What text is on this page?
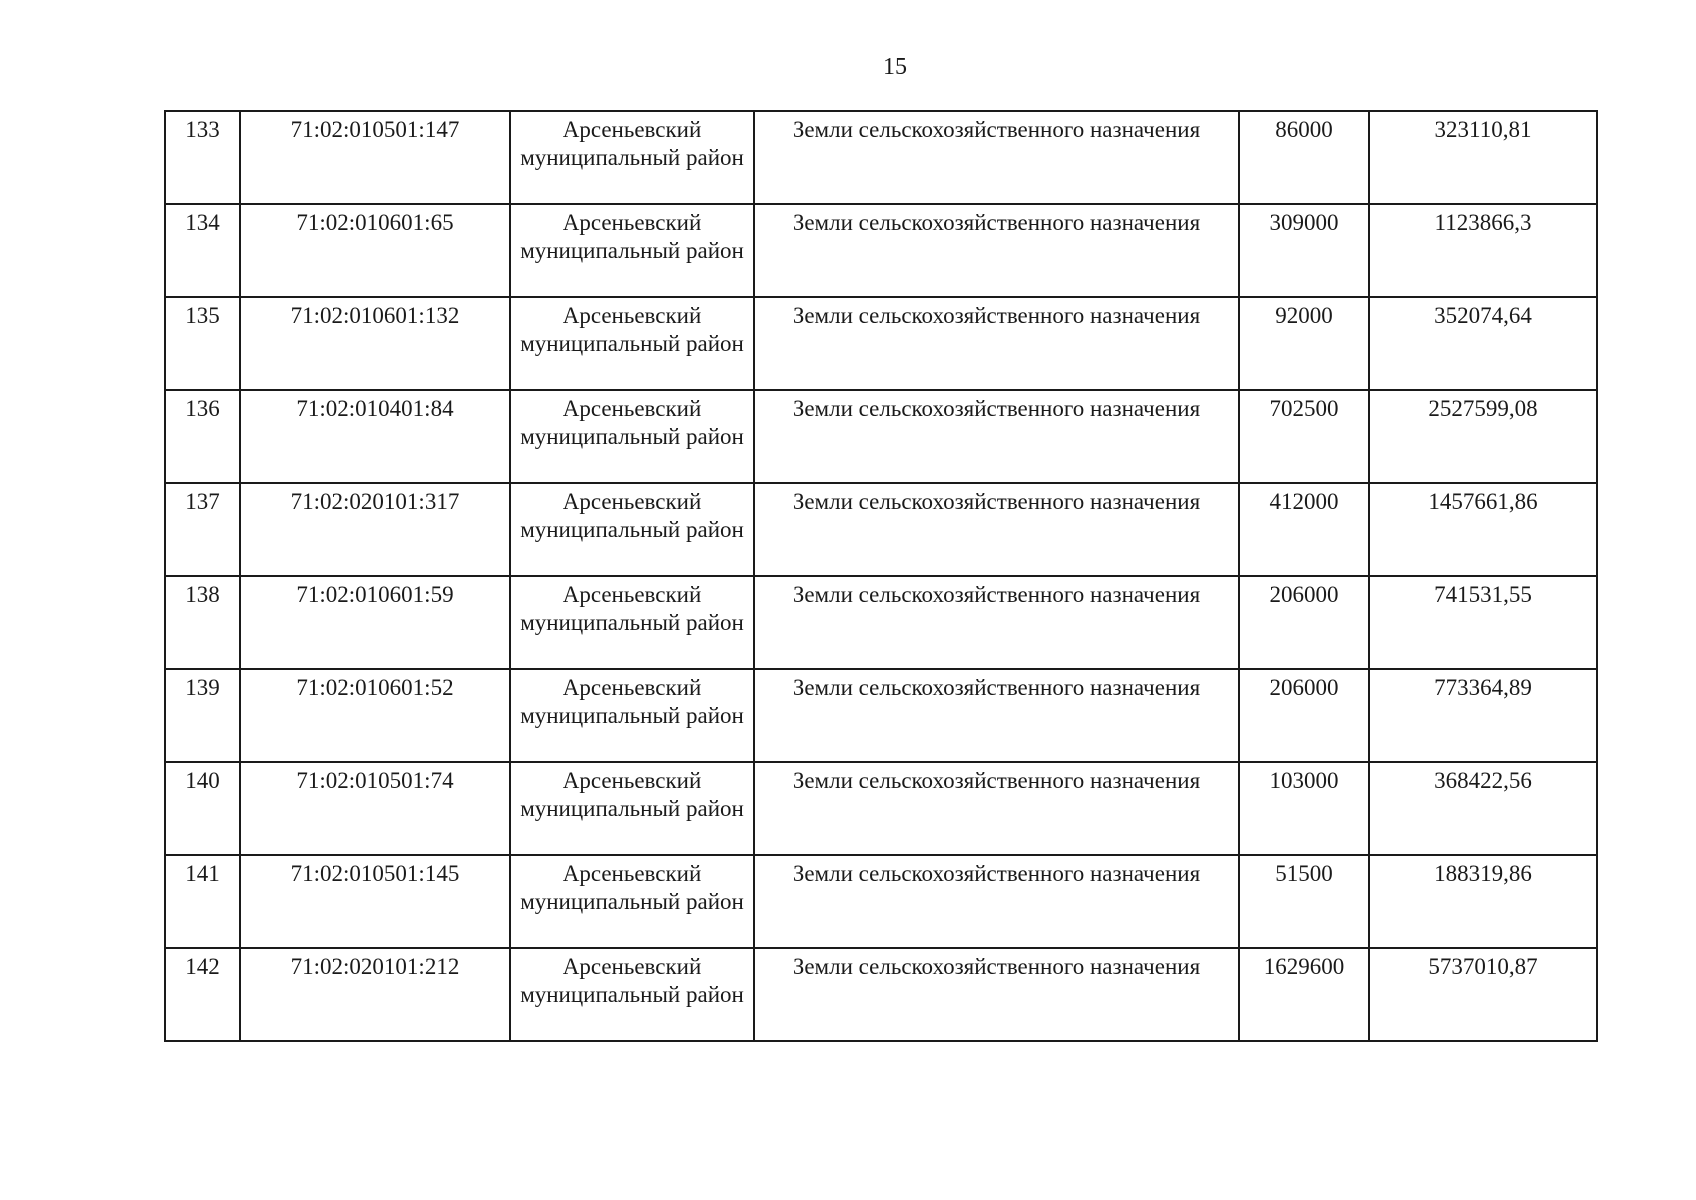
15
133	71:02:010501:147	Арсеньевский муниципальный район	Земли сельскохозяйственного назначения	86000	323110,81
134	71:02:010601:65	Арсеньевский муниципальный район	Земли сельскохозяйственного назначения	309000	1123866,3
135	71:02:010601:132	Арсеньевский муниципальный район	Земли сельскохозяйственного назначения	92000	352074,64
136	71:02:010401:84	Арсеньевский муниципальный район	Земли сельскохозяйственного назначения	702500	2527599,08
137	71:02:020101:317	Арсеньевский муниципальный район	Земли сельскохозяйственного назначения	412000	1457661,86
138	71:02:010601:59	Арсеньевский муниципальный район	Земли сельскохозяйственного назначения	206000	741531,55
139	71:02:010601:52	Арсеньевский муниципальный район	Земли сельскохозяйственного назначения	206000	773364,89
140	71:02:010501:74	Арсеньевский муниципальный район	Земли сельскохозяйственного назначения	103000	368422,56
141	71:02:010501:145	Арсеньевский муниципальный район	Земли сельскохозяйственного назначения	51500	188319,86
142	71:02:020101:212	Арсеньевский муниципальный район	Земли сельскохозяйственного назначения	1629600	5737010,87
